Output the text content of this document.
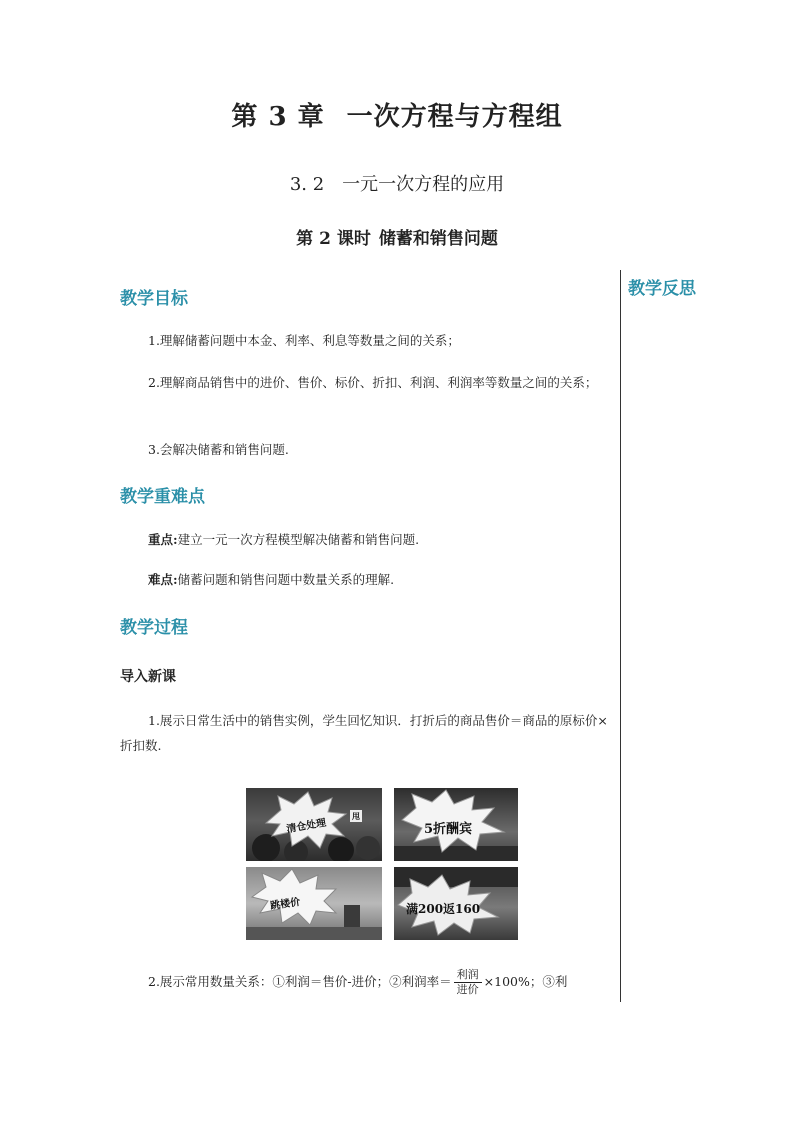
第 3 章 一次方程与方程组
3. 2 一元一次方程的应用
第 2 课时 储蓄和销售问题
教学反思
教学目标
1.理解储蓄问题中本金、利率、利息等数量之间的关系；
2.理解商品销售中的进价、售价、标价、折扣、利润、利润率等数量之间的关系；
3.会解决储蓄和销售问题.
教学重难点
重点:建立一元一次方程模型解决储蓄和销售问题.
难点:储蓄问题和销售问题中数量关系的理解.
教学过程
导入新课
1.展示日常生活中的销售实例，学生回忆知识．打折后的商品售价＝商品的原标价×折扣数.
清仓处理
甩
5折酬宾
跳楼价	满200返160
2.展示常用数量关系：①利润＝售价-进价；②利润率＝ $\frac{\text{利润}}{\text{进价}} \times 100\%$；③利
